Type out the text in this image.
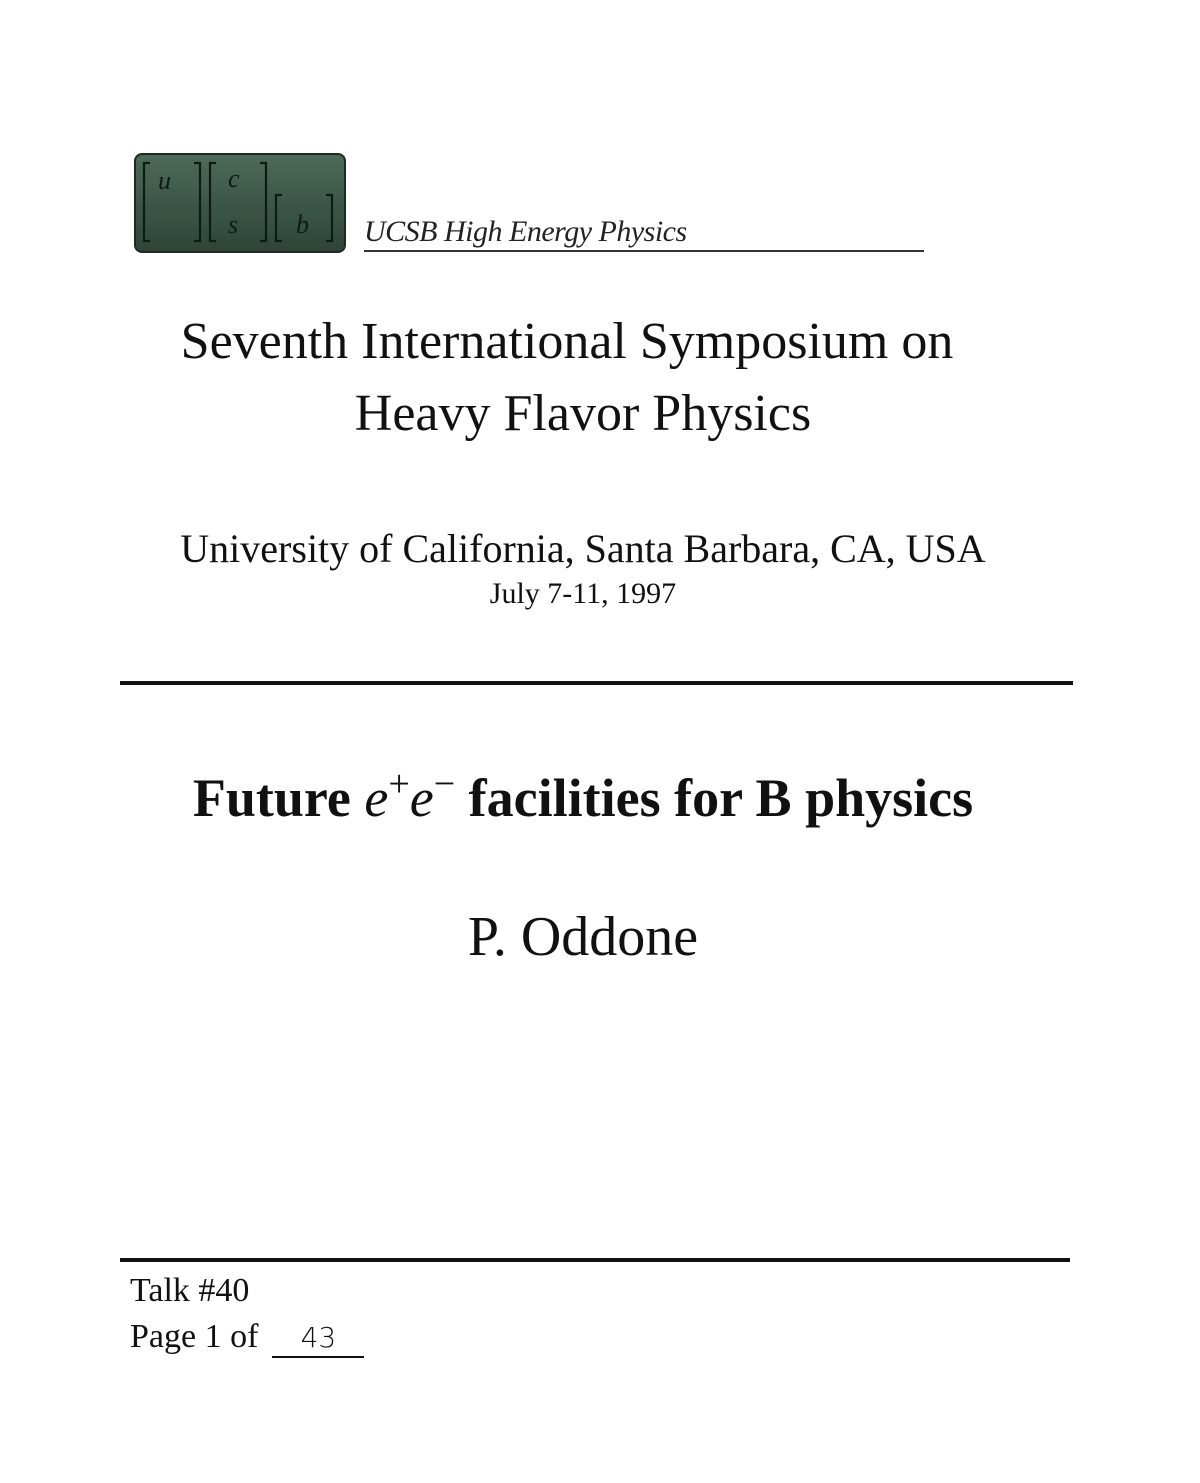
u c
s b UCSB High Energy Physics
Seventh International Symposium on
Heavy Flavor Physics
University of California, Santa Barbara, CA, USA
July 7-11, 1997
Future e+e− facilities for B physics
P. Oddone
Talk #40
Page 1 of 43
